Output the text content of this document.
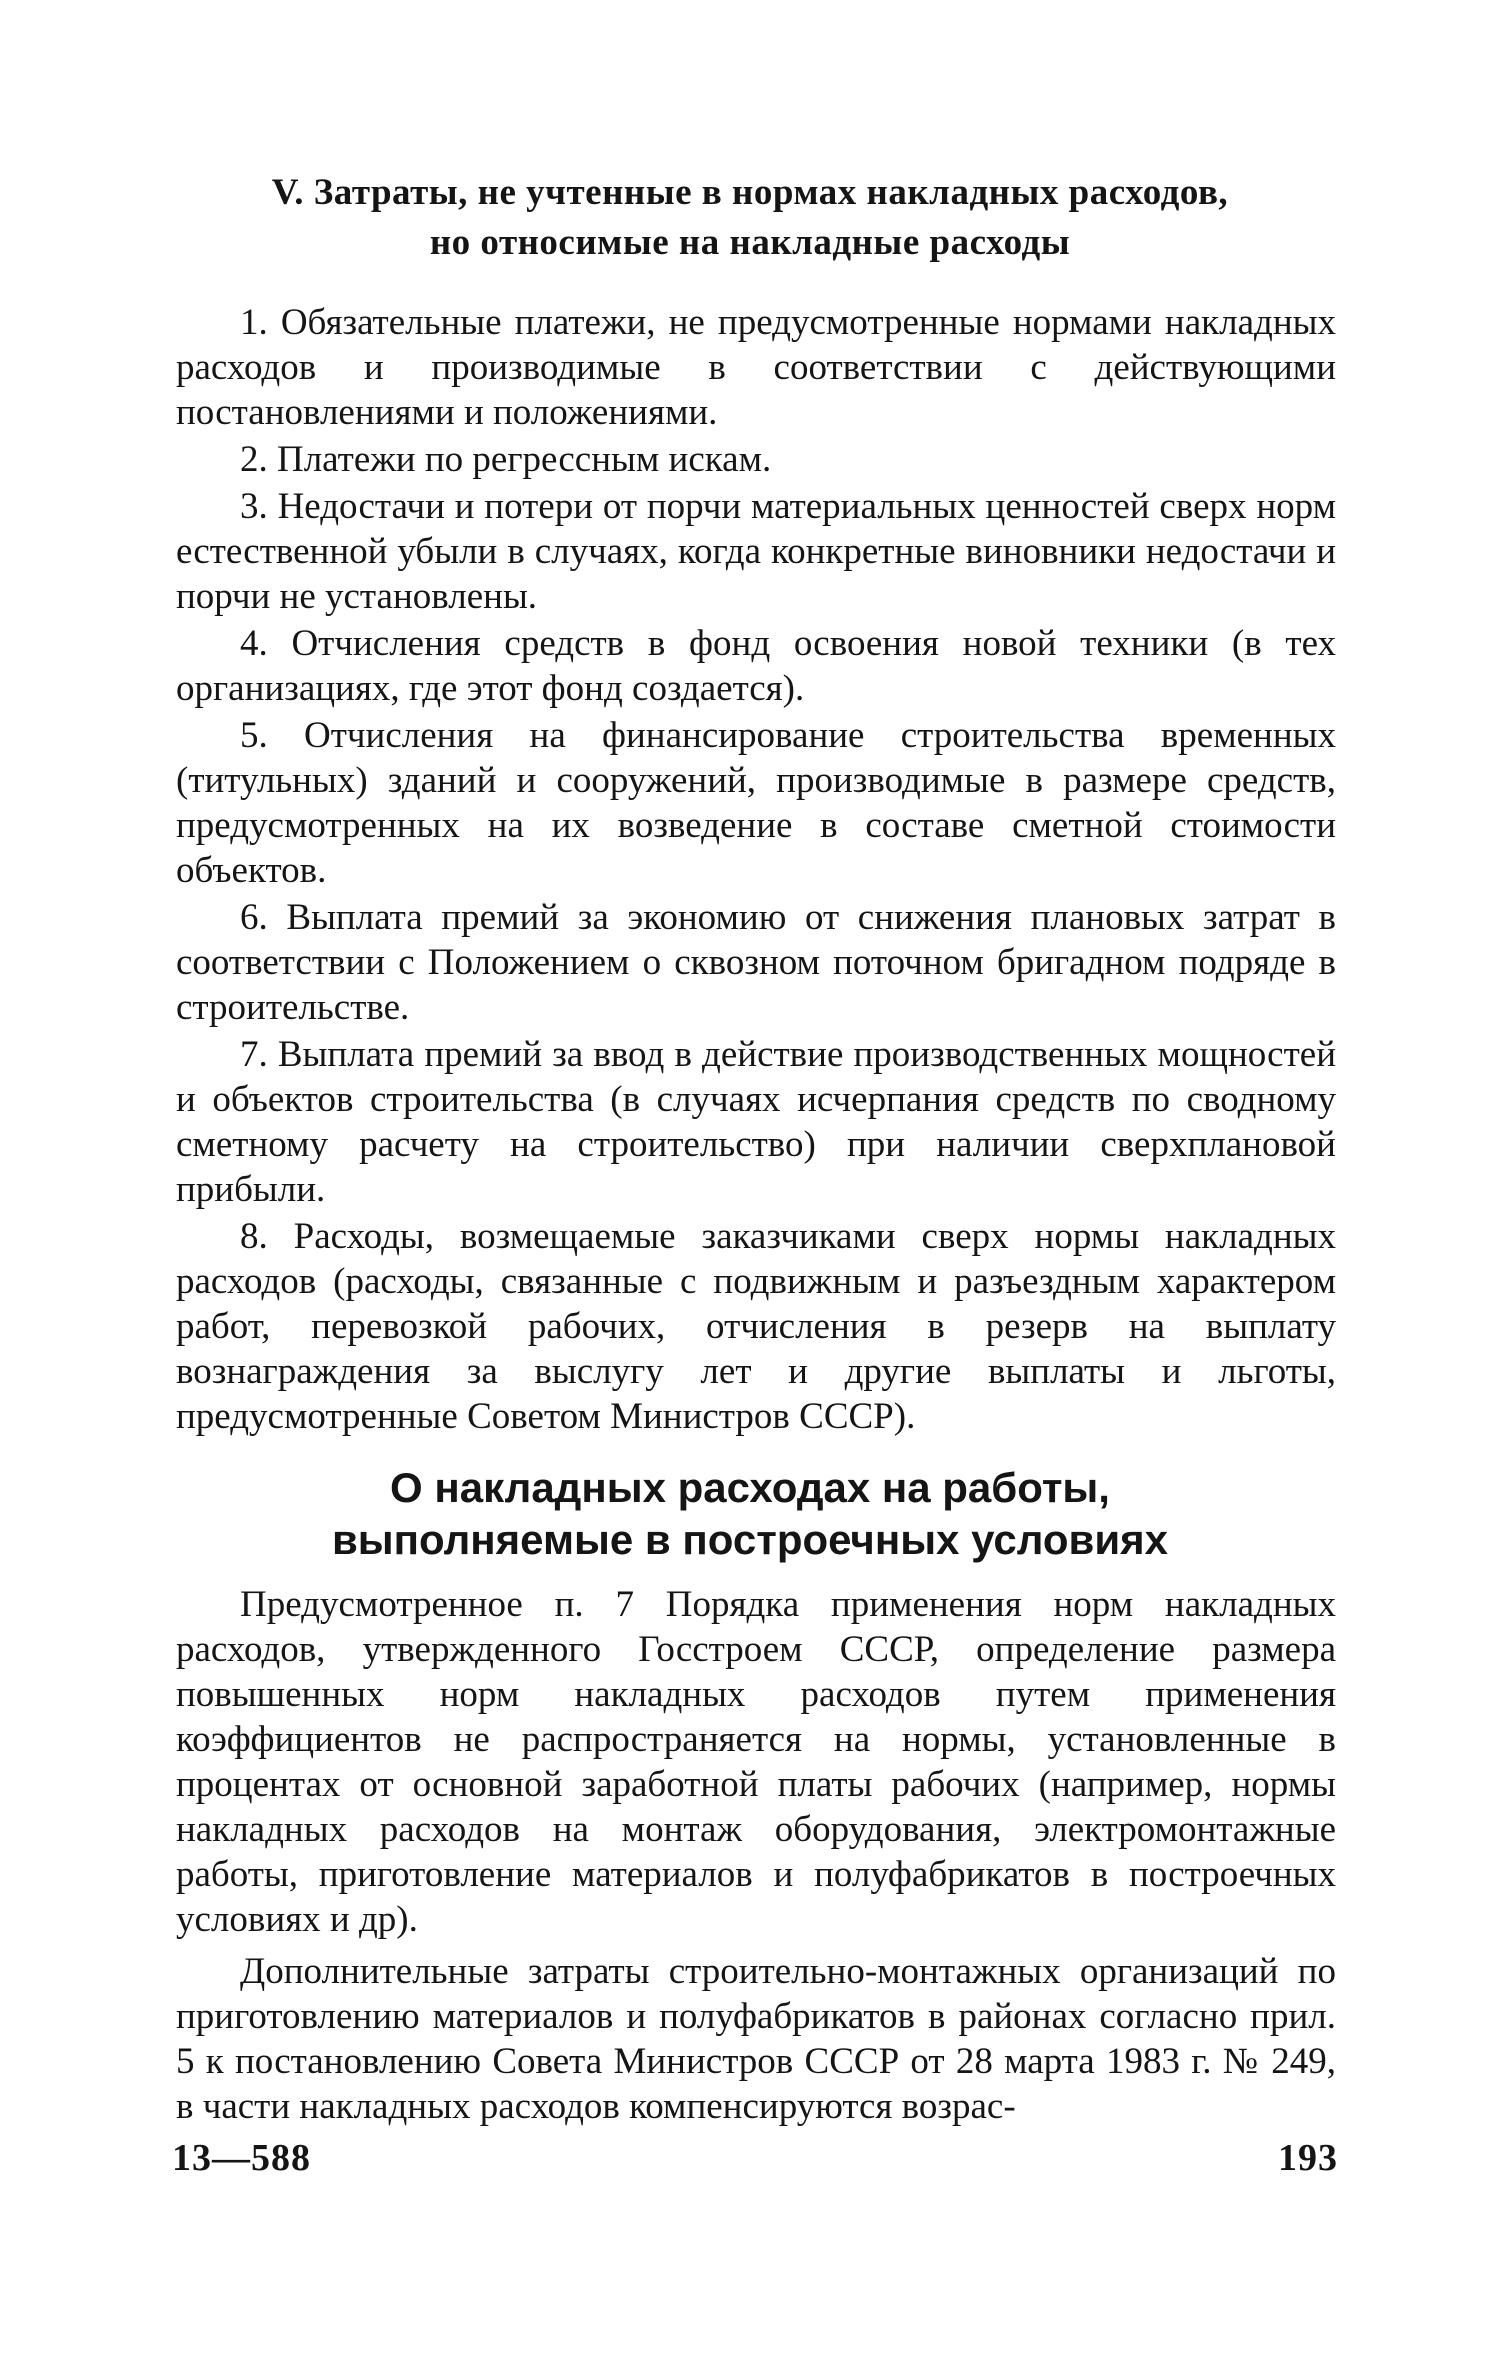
V. Затраты, не учтенные в нормах накладных расходов,
но относимые на накладные расходы

1. Обязательные платежи, не предусмотренные нормами накладных расходов и производимые в соответствии с действующими постановлениями и положениями.

2. Платежи по регрессным искам.

3. Недостачи и потери от порчи материальных ценностей сверх норм естественной убыли в случаях, когда конкретные виновники недостачи и порчи не установлены.

4. Отчисления средств в фонд освоения новой техники (в тех организациях, где этот фонд создается).

5. Отчисления на финансирование строительства временных (титульных) зданий и сооружений, производимые в размере средств, предусмотренных на их возведение в составе сметной стоимости объектов.

6. Выплата премий за экономию от снижения плановых затрат в соответствии с Положением о сквозном поточном бригадном подряде в строительстве.

7. Выплата премий за ввод в действие производственных мощностей и объектов строительства (в случаях исчерпания средств по сводному сметному расчету на строительство) при наличии сверхплановой прибыли.

8. Расходы, возмещаемые заказчиками сверх нормы накладных расходов (расходы, связанные с подвижным и разъездным характером работ, перевозкой рабочих, отчисления в резерв на выплату вознаграждения за выслугу лет и другие выплаты и льготы, предусмотренные Советом Министров СССР).

О накладных расходах на работы,
выполняемые в построечных условиях

Предусмотренное п. 7 Порядка применения норм накладных расходов, утвержденного Госстроем СССР, определение размера повышенных норм накладных расходов путем применения коэффициентов не распространяется на нормы, установленные в процентах от основной заработной платы рабочих (например, нормы накладных расходов на монтаж оборудования, электромонтажные работы, приготовление материалов и полуфабрикатов в построечных условиях и др).

Дополнительные затраты строительно-монтажных организаций по приготовлению материалов и полуфабрикатов в районах согласно прил. 5 к постановлению Совета Министров СССР от 28 марта 1983 г. № 249, в части накладных расходов компенсируются возрас-

13—588	193
